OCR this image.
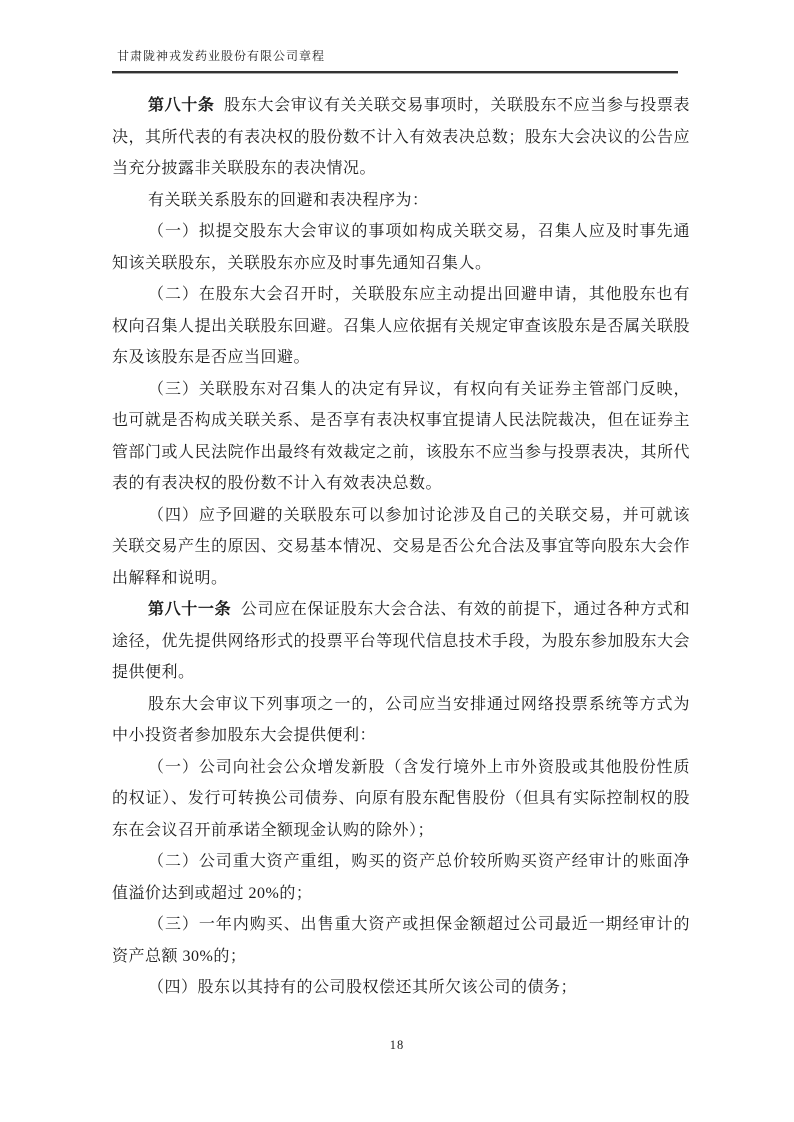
甘肃陇神戎发药业股份有限公司章程

第八十条 股东大会审议有关关联交易事项时，关联股东不应当参与投票表决，其所代表的有表决权的股份数不计入有效表决总数；股东大会决议的公告应当充分披露非关联股东的表决情况。

有关联关系股东的回避和表决程序为：

（一）拟提交股东大会审议的事项如构成关联交易，召集人应及时事先通知该关联股东，关联股东亦应及时事先通知召集人。

（二）在股东大会召开时，关联股东应主动提出回避申请，其他股东也有权向召集人提出关联股东回避。召集人应依据有关规定审查该股东是否属关联股东及该股东是否应当回避。

（三）关联股东对召集人的决定有异议，有权向有关证券主管部门反映，也可就是否构成关联关系、是否享有表决权事宜提请人民法院裁决，但在证券主管部门或人民法院作出最终有效裁定之前，该股东不应当参与投票表决，其所代表的有表决权的股份数不计入有效表决总数。

（四）应予回避的关联股东可以参加讨论涉及自己的关联交易，并可就该关联交易产生的原因、交易基本情况、交易是否公允合法及事宜等向股东大会作出解释和说明。

第八十一条 公司应在保证股东大会合法、有效的前提下，通过各种方式和途径，优先提供网络形式的投票平台等现代信息技术手段，为股东参加股东大会提供便利。

股东大会审议下列事项之一的，公司应当安排通过网络投票系统等方式为中小投资者参加股东大会提供便利：

（一）公司向社会公众增发新股（含发行境外上市外资股或其他股份性质的权证）、发行可转换公司债券、向原有股东配售股份（但具有实际控制权的股东在会议召开前承诺全额现金认购的除外）；

（二）公司重大资产重组，购买的资产总价较所购买资产经审计的账面净值溢价达到或超过 20%的；

（三）一年内购买、出售重大资产或担保金额超过公司最近一期经审计的资产总额 30%的；

（四）股东以其持有的公司股权偿还其所欠该公司的债务；

18
